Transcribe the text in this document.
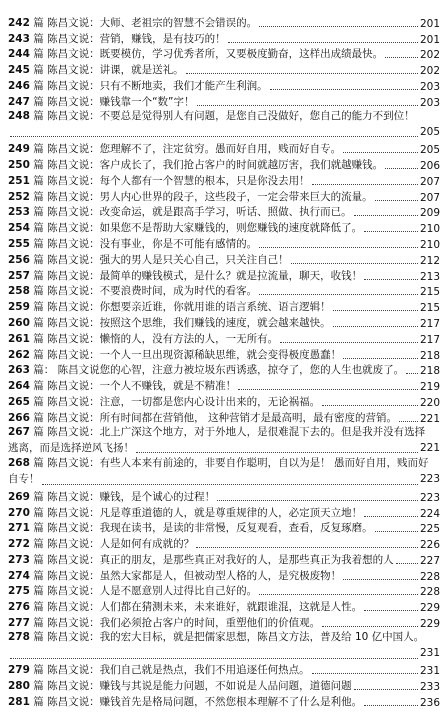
242 篇 陈昌文说：大师、老祖宗的智慧不会错误的。	201
243 篇 陈昌文说：营销，赚钱，是有技巧的！	201
244 篇 陈昌文说：既要模仿，学习优秀者所，又要极度勤奋，这样出成绩最快。	202
245 篇 陈昌文说：讲课，就是送礼。	202
246 篇 陈昌文说：只有不断地卖，我们才能产生利润。	203
247 篇 陈昌文说：赚钱靠一个“数”字！	203
248 篇 陈昌文说：不要总是觉得别人有问题，是您自己没做好，您自己的能力不到位！
205
249 篇 陈昌文说：您理解不了，注定贫穷。愚而好自用，贱而好自专。	205
250 篇 陈昌文说：客户成长了，我们抢占客户的时间就越厉害，我们就越赚钱。	206
251 篇 陈昌文说：每个人都有一个智慧的根本，只是你没去用！	207
252 篇 陈昌文说：男人内心世界的段子，这些段子，一定会带来巨大的流量。	207
253 篇 陈昌文说：改变命运，就是跟高手学习，听话、照做、执行而已。	209
254 篇 陈昌文说：如果您不是帮助大家赚钱的，则您赚钱的速度就降低了。	210
255 篇 陈昌文说：没有事业，你是不可能有感情的。	210
256 篇 陈昌文说：强大的男人是只关心自己，只关注自己！	212
257 篇 陈昌文说：最简单的赚钱模式，是什么？就是拉流量，聊天，收钱！	213
258 篇 陈昌文说：不要浪费时间，成为时代的看客。	215
259 篇 陈昌文说：你想要亲近谁，你就用谁的语言系统、语言逻辑！	215
260 篇 陈昌文说：按照这个思维，我们赚钱的速度，就会越来越快。	217
261 篇 陈昌文说：懒惰的人，没有方法的人，一无所有。	217
262 篇 陈昌文说：一个人一旦出现资源稀缺思维，就会变得极度愚蠢！	218
263 篇： 陈昌文说您的心智，注意力被垃圾东西诱惑，掠夺了，您的人生也就废了。 218
264 篇 陈昌文说：一个人不赚钱，就是不精准！	219
265 篇 陈昌文说：注意，一切都是您内心设计出来的，无论祸福。	220
266 篇 陈昌文说：所有时间都在营销他， 这种营销才是最高明，最有密度的营销。 221
267 篇 陈昌文说：北上广深这个地方，对于外地人，是很难混下去的。但是我并没有选择
逃离，而是选择逆风飞扬！	221
268 篇 陈昌文说：有些人本来有前途的，非要自作聪明，自以为是！ 愚而好自用，贱而好
自专！	223
269 篇 陈昌文说：赚钱，是个诚心的过程！	223
270 篇 陈昌文说：凡是尊重道德的人，就是尊重规律的人，必定顶天立地！	224
271 篇 陈昌文说：我现在读书，是读的非常慢，反复观看，查看，反复琢磨。	225
272 篇 陈昌文说：人是如何有成就的？	226
273 篇 陈昌文说：真正的朋友，是那些真正对我好的人，是那些真正为我着想的人	227
274 篇 陈昌文说：虽然大家都是人，但被动型人格的人，是究极废物！	228
275 篇 陈昌文说：人是不愿意别人过得比自己好的。	228
276 篇 陈昌文说：人们都在猜测未来，未来谁好，就跟谁混，这就是人性。	229
277 篇 陈昌文说：我们必须抢占客户的时间，重塑他们的价值观。	229
278 篇 陈昌文说：我的宏大目标，就是把儒家思想，陈昌文方法，普及给 10 亿中国人。
231
279 篇 陈昌文说：我们自己就是热点，我们不用追逐任何热点。	231
280 篇 陈昌文说：赚钱与其说是能力问题，不如说是人品问题，道德问题	233
281 篇 陈昌文说：赚钱首先是格局问题，不然您根本理解不了什么是利他。	236
